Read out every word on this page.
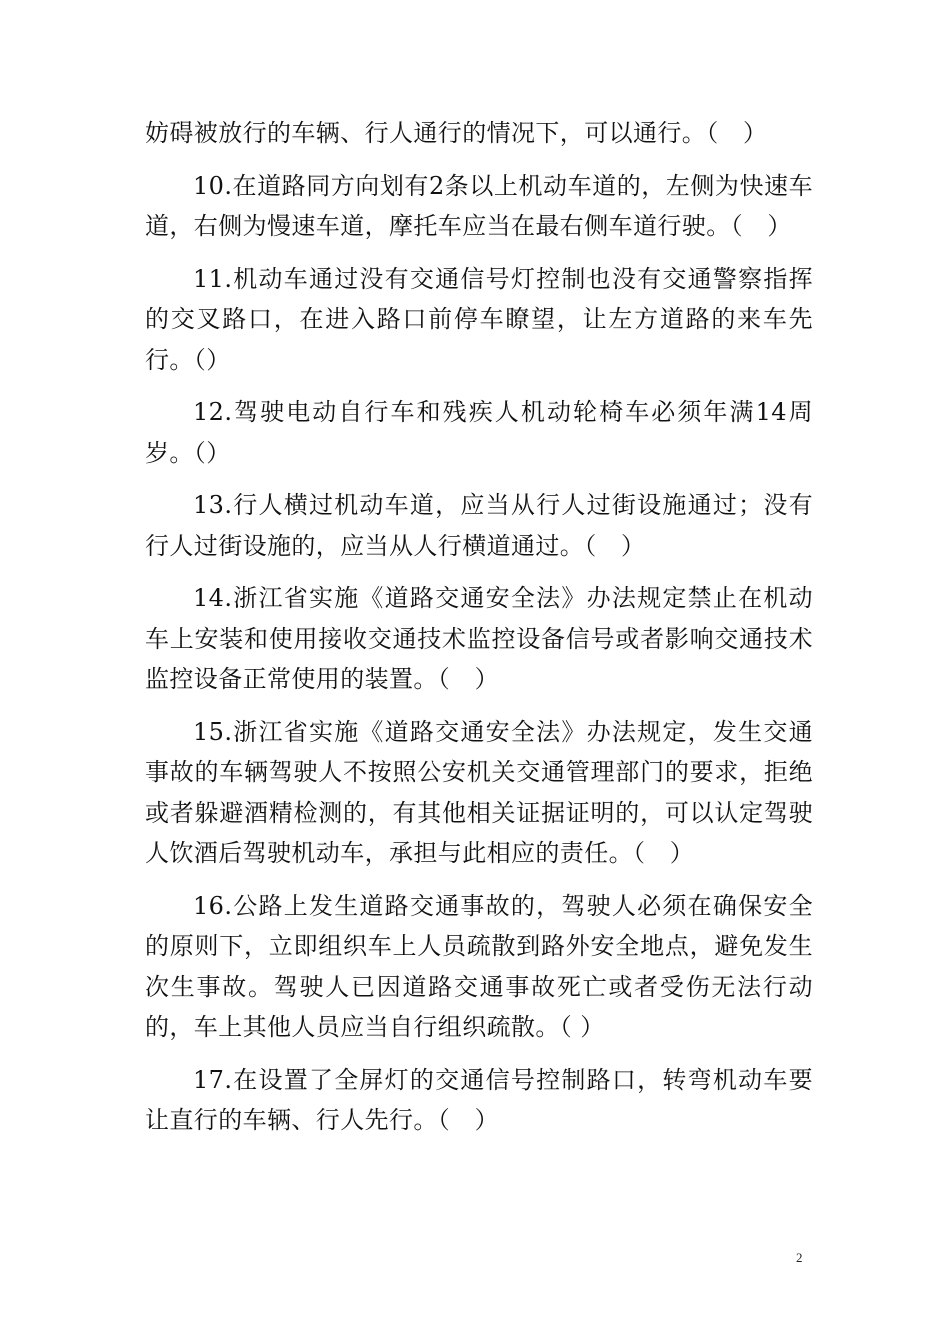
妨碍被放行的车辆、行人通行的情况下，可以通行。（　）

10.在道路同方向划有2条以上机动车道的，左侧为快速车道，右侧为慢速车道，摩托车应当在最右侧车道行驶。（　）

11.机动车通过没有交通信号灯控制也没有交通警察指挥的交叉路口，在进入路口前停车瞭望，让左方道路的来车先行。（）

12.驾驶电动自行车和残疾人机动轮椅车必须年满14周岁。（）

13.行人横过机动车道，应当从行人过街设施通过；没有行人过街设施的，应当从人行横道通过。（　）

14.浙江省实施《道路交通安全法》办法规定禁止在机动车上安装和使用接收交通技术监控设备信号或者影响交通技术监控设备正常使用的装置。（　）

15.浙江省实施《道路交通安全法》办法规定，发生交通事故的车辆驾驶人不按照公安机关交通管理部门的要求，拒绝或者躲避酒精检测的，有其他相关证据证明的，可以认定驾驶人饮酒后驾驶机动车，承担与此相应的责任。（　）

16.公路上发生道路交通事故的，驾驶人必须在确保安全的原则下，立即组织车上人员疏散到路外安全地点，避免发生次生事故。驾驶人已因道路交通事故死亡或者受伤无法行动的，车上其他人员应当自行组织疏散。（ ）

17.在设置了全屏灯的交通信号控制路口，转弯机动车要让直行的车辆、行人先行。（　）

2
